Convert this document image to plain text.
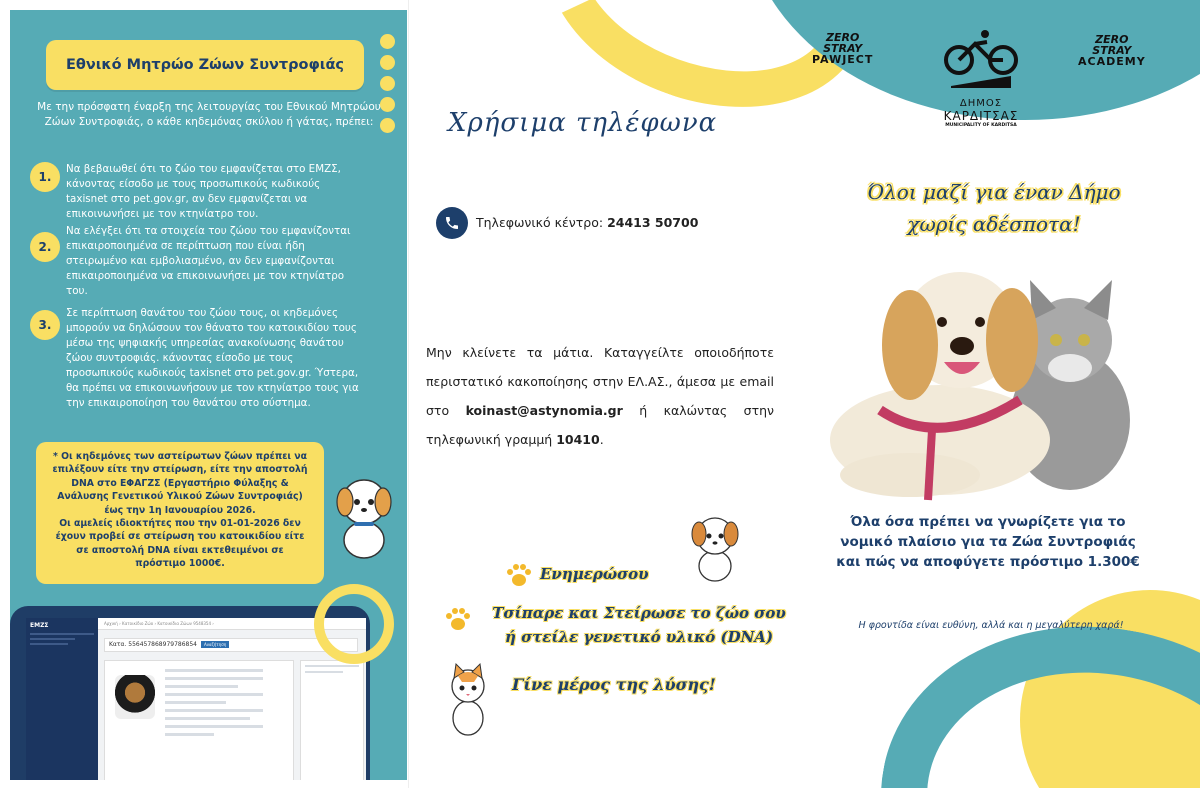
Εθνικό Μητρώο Ζώων Συντροφιάς
Με την πρόσφατη έναρξη της λειτουργίας του Εθνικού Μητρώου Ζώων Συντροφιάς, ο κάθε κηδεμόνας σκύλου ή γάτας, πρέπει:
1.
Να βεβαιωθεί ότι το ζώο του εμφανίζεται στο ΕΜΖΣ,
κάνοντας είσοδο με τους προσωπικούς κωδικούς
taxisnet στο pet.gov.gr, αν δεν εμφανίζεται να
επικοινωνήσει με τον κτηνίατρο του.
2.
Να ελέγξει ότι τα στοιχεία του ζώου του εμφανίζονται
επικαιροποιημένα σε περίπτωση που είναι ήδη
στειρωμένο και εμβολιασμένο, αν δεν εμφανίζονται
επικαιροποιημένα να επικοινωνήσει με τον κτηνίατρο
του.
3.
Σε περίπτωση θανάτου του ζώου τους, οι κηδεμόνες
μπορούν να δηλώσουν τον θάνατο του κατοικιδίου τους
μέσω της ψηφιακής υπηρεσίας ανακοίνωσης θανάτου
ζώου συντροφιάς. κάνοντας είσοδο με τους
προσωπικούς κωδικούς taxisnet στο pet.gov.gr. Ύστερα,
θα πρέπει να επικοινωνήσουν με τον κτηνίατρο τους για
την επικαιροποίηση του θανάτου στο σύστημα.
* Οι κηδεμόνες των αστείρωτων ζώων πρέπει να
επιλέξουν είτε την στείρωση, είτε την αποστολή
DNA στο ΕΦΑΓΖΣ (Εργαστήριο Φύλαξης &
Ανάλυσης Γενετικού Υλικού Ζώων Συντροφιάς)
έως την 1η Ιανουαρίου 2026.
Οι αμελείς ιδιοκτήτες που την 01-01-2026 δεν
έχουν προβεί σε στείρωση του κατοικιδίου είτε
σε αποστολή DNA είναι εκτεθειμένοι σε
πρόστιμο 1000€.
ΕΜΖΣ	Αρχική › Κατοικίδιο Ζώο › Κατοικίδια Ζώων 9548354 ›
Κατα. 556457868979786854 Αναζήτηση
Χρήσιμα τηλέφωνα
Τηλεφωνικό κέντρο: 24413 50700
Μην κλείνετε τα μάτια. Καταγγείλτε οποιοδήποτε περιστατικό κακοποίησης στην ΕΛ.ΑΣ., άμεσα με email στο koinast@astynomia.gr ή καλώντας στην τηλεφωνική γραμμή 10410.
Ενημερώσου
Τσίπαρε και Στείρωσε το ζώο σου
ή στείλε γενετικό υλικό (DNA)
Γίνε μέρος της λύσης!
ZERO
STRAY
PAWJECT
ΔΗΜΟΣ
ΚΑΡΔΙΤΣΑΣ
MUNICIPALITY OF KARDITSA
ZERO
STRAY
ACADEMY
Όλοι μαζί για έναν Δήμο
χωρίς αδέσποτα!
Όλα όσα πρέπει να γνωρίζετε για το
νομικό πλαίσιο για τα Ζώα Συντροφιάς
και πώς να αποφύγετε πρόστιμο 1.300€
Η φροντίδα είναι ευθύνη, αλλά και η μεγαλύτερη χαρά!
